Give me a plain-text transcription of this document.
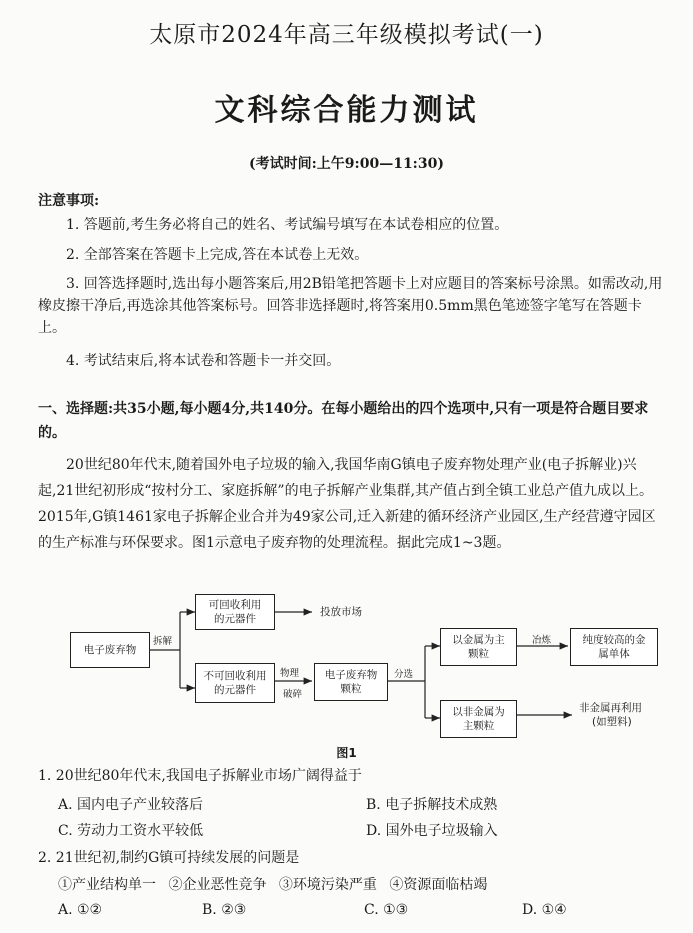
太原市2024年高三年级模拟考试(一)
文科综合能力测试
(考试时间:上午9:00—11:30)
注意事项:
1. 答题前,考生务必将自己的姓名、考试编号填写在本试卷相应的位置。
2. 全部答案在答题卡上完成,答在本试卷上无效。
3. 回答选择题时,选出每小题答案后,用2B铅笔把答题卡上对应题目的答案标号涂黑。如需改动,用橡皮擦干净后,再选涂其他答案标号。回答非选择题时,将答案用0.5mm黑色笔迹签字笔写在答题卡上。
4. 考试结束后,将本试卷和答题卡一并交回。
一、选择题:共35小题,每小题4分,共140分。在每小题给出的四个选项中,只有一项是符合题目要求的。
20世纪80年代末,随着国外电子垃圾的输入,我国华南G镇电子废弃物处理产业(电子拆解业)兴起,21世纪初形成“按村分工、家庭拆解”的电子拆解产业集群,其产值占到全镇工业总产值九成以上。2015年,G镇1461家电子拆解企业合并为49家公司,迁入新建的循环经济产业园区,生产经营遵守园区的生产标准与环保要求。图1示意电子废弃物的处理流程。据此完成1~3题。
电子废弃物
拆解
可回收利用的元器件
投放市场
不可回收利用的元器件
物理
破碎
电子废弃物颗粒
分选
以金属为主颗粒
冶炼	纯度较高的金属单体
以非金属为主颗粒
非金属再利用
(如塑料)
图1
1. 20世纪80年代末,我国电子拆解业市场广阔得益于
A. 国内电子产业较落后	B. 电子拆解技术成熟
C. 劳动力工资水平较低	D. 国外电子垃圾输入
2. 21世纪初,制约G镇可持续发展的问题是
①产业结构单一 ②企业恶性竞争 ③环境污染严重 ④资源面临枯竭
A. ①②	B. ②③	C. ①③	D. ①④
